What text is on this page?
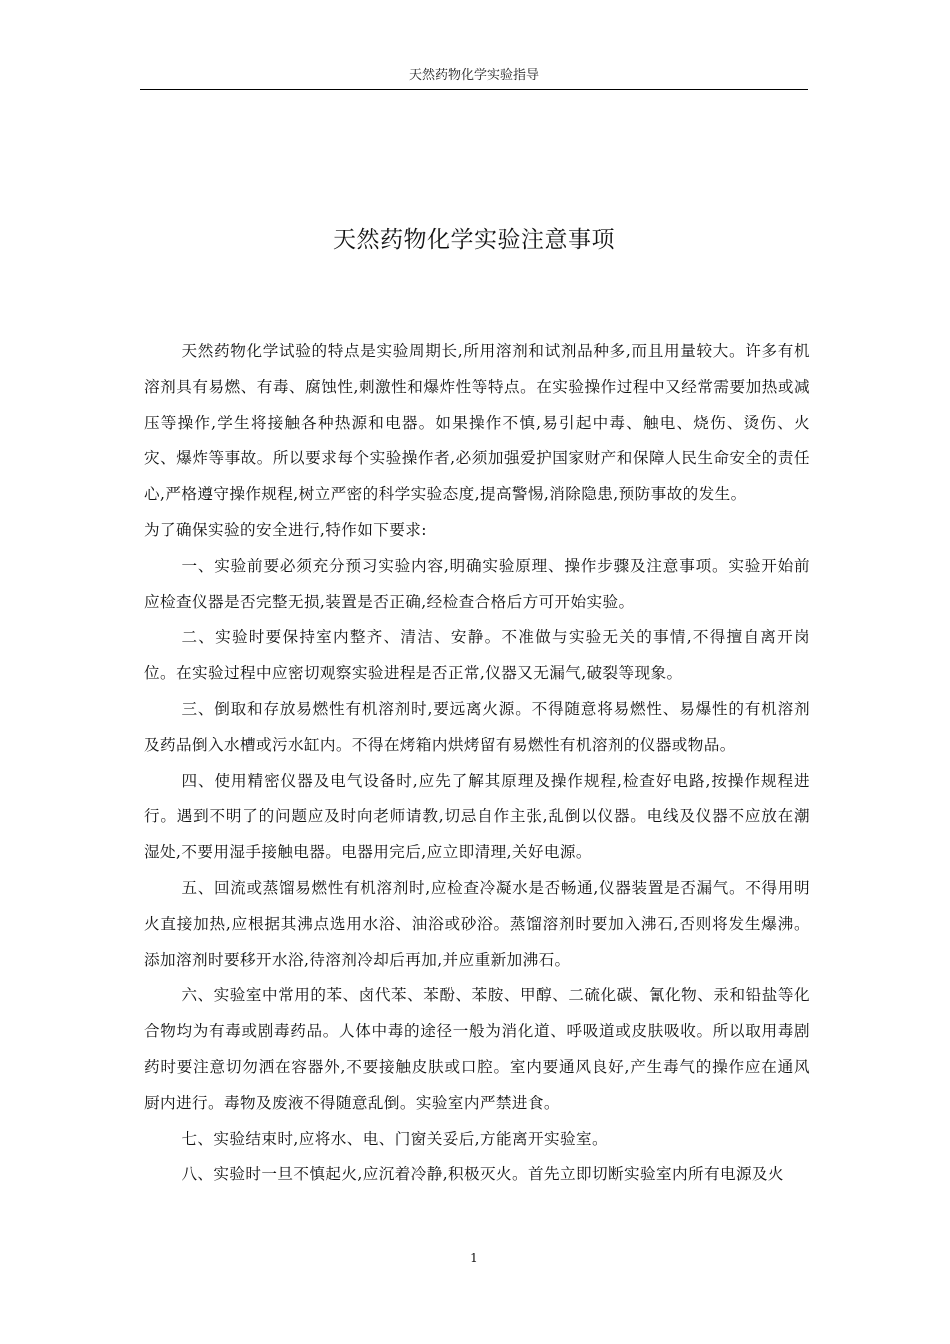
天然药物化学实验指导
天然药物化学实验注意事项

天然药物化学试验的特点是实验周期长,所用溶剂和试剂品种多,而且用量较大。许多有机溶剂具有易燃、有毒、腐蚀性,刺激性和爆炸性等特点。在实验操作过程中又经常需要加热或减压等操作,学生将接触各种热源和电器。如果操作不慎,易引起中毒、触电、烧伤、烫伤、火灾、爆炸等事故。所以要求每个实验操作者,必须加强爱护国家财产和保障人民生命安全的责任心,严格遵守操作规程,树立严密的科学实验态度,提高警惕,消除隐患,预防事故的发生。

为了确保实验的安全进行,特作如下要求:

一、实验前要必须充分预习实验内容,明确实验原理、操作步骤及注意事项。实验开始前应检查仪器是否完整无损,装置是否正确,经检查合格后方可开始实验。

二、实验时要保持室内整齐、清洁、安静。不准做与实验无关的事情,不得擅自离开岗位。在实验过程中应密切观察实验进程是否正常,仪器又无漏气,破裂等现象。

三、倒取和存放易燃性有机溶剂时,要远离火源。不得随意将易燃性、易爆性的有机溶剂及药品倒入水槽或污水缸内。不得在烤箱内烘烤留有易燃性有机溶剂的仪器或物品。

四、使用精密仪器及电气设备时,应先了解其原理及操作规程,检查好电路,按操作规程进行。遇到不明了的问题应及时向老师请教,切忌自作主张,乱倒以仪器。电线及仪器不应放在潮湿处,不要用湿手接触电器。电器用完后,应立即清理,关好电源。

五、回流或蒸馏易燃性有机溶剂时,应检查冷凝水是否畅通,仪器装置是否漏气。不得用明火直接加热,应根据其沸点选用水浴、油浴或砂浴。蒸馏溶剂时要加入沸石,否则将发生爆沸。添加溶剂时要移开水浴,待溶剂冷却后再加,并应重新加沸石。

六、实验室中常用的苯、卤代苯、苯酚、苯胺、甲醇、二硫化碳、氰化物、汞和铅盐等化合物均为有毒或剧毒药品。人体中毒的途径一般为消化道、呼吸道或皮肤吸收。所以取用毒剧药时要注意切勿洒在容器外,不要接触皮肤或口腔。室内要通风良好,产生毒气的操作应在通风厨内进行。毒物及废液不得随意乱倒。实验室内严禁进食。

七、实验结束时,应将水、电、门窗关妥后,方能离开实验室。

八、实验时一旦不慎起火,应沉着冷静,积极灭火。首先立即切断实验室内所有电源及火

1
